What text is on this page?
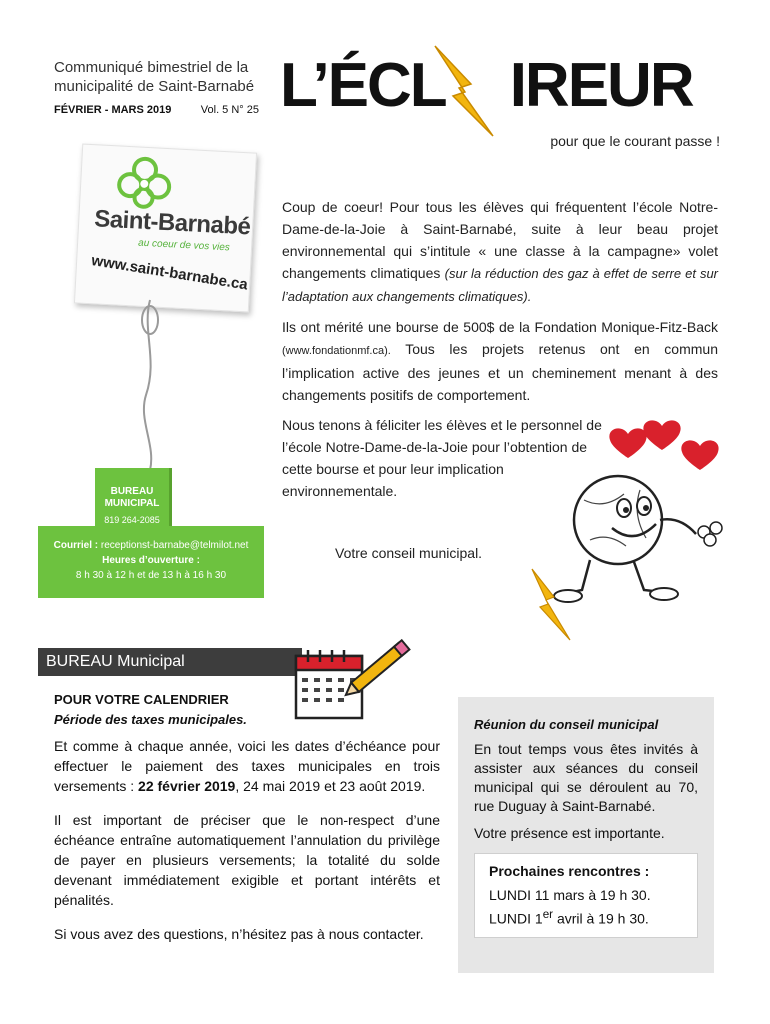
Communiqué bimestriel de la municipalité de Saint-Barnabé
FÉVRIER - MARS 2019	Vol. 5 N° 25 L’ÉCL IREUR
pour que le courant passe !
Saint-Barnabé
au coeur de vos vies
www.saint-barnabe.ca
BUREAU
MUNICIPAL
819 264-2085
Courriel : receptionst-barnabe@telmilot.net
Heures d’ouverture :
8 h 30 à 12 h et de 13 h à 16 h 30

Coup de coeur! Pour tous les élèves qui fréquentent l’école Notre-Dame-de-la-Joie à Saint-Barnabé, suite à leur beau projet environnemental qui s’intitule « une classe à la campagne» volet changements climatiques (sur la réduction des gaz à effet de serre et sur l’adaptation aux changements climatiques).

Ils ont mérité une bourse de 500$ de la Fondation Monique-Fitz-Back (www.fondationmf.ca). Tous les projets retenus ont en commun l’implication active des jeunes et un cheminement menant à des changements positifs de comportement.

Nous tenons à féliciter les élèves et le personnel de l’école Notre-Dame-de-la-Joie pour l’obtention de cette bourse et pour leur implication environnementale.

Votre conseil municipal.
BUREAU Municipal
POUR VOTRE CALENDRIER
Période des taxes municipales.

Et comme à chaque année, voici les dates d’échéance pour effectuer le paiement des taxes municipales en trois versements : 22 février 2019, 24 mai 2019 et 23 août 2019.

Il est important de préciser que le non-respect d’une échéance entraîne automatiquement l’annulation du privilège de payer en plusieurs versements; la totalité du solde devenant immédiatement exigible et portant intérêts et pénalités.

Si vous avez des questions, n’hésitez pas à nous contacter.

Réunion du conseil municipal

En tout temps vous êtes invités à assister aux séances du conseil municipal qui se déroulent au 70, rue Duguay à Saint-Barnabé.

Votre présence est importante.

Prochaines rencontres :
LUNDI 11 mars à 19 h 30.
LUNDI 1er avril à 19 h 30.
